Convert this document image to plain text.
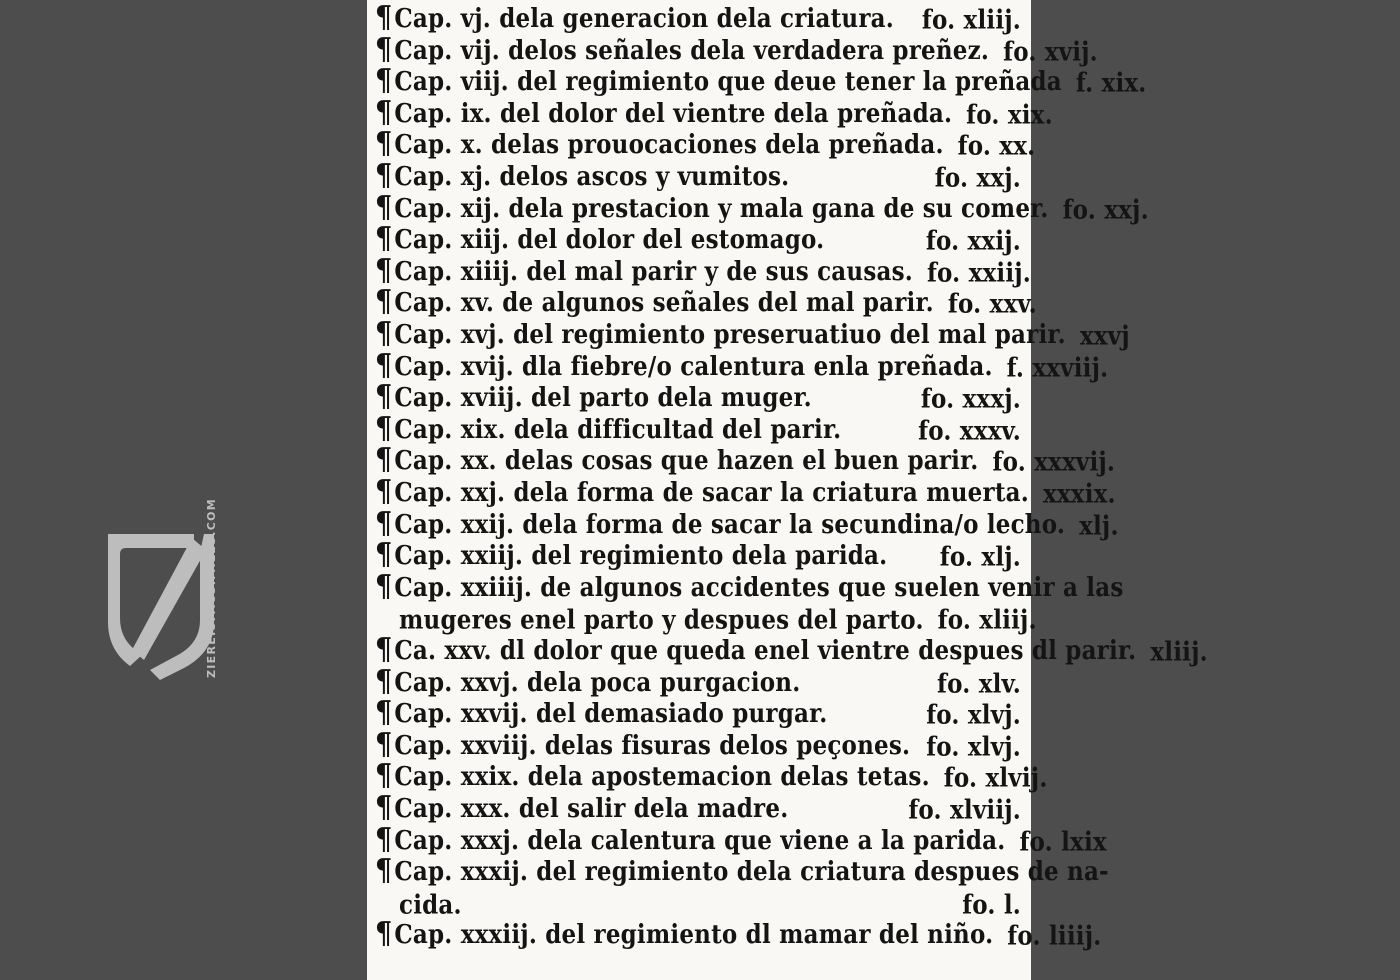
ZIEREISFACSIMILES.COM
¶Cap. vj. dela generacion dela criatura.	fo. xliij.
¶Cap. vij. delos señales dela verdadera preñez. fo. xvij.
¶Cap. viij. del regimiento que deue tener la preñada f. xix.
¶Cap. ix. del dolor del vientre dela preñada. fo. xix.
¶Cap. x. delas prouocaciones dela preñada. fo. xx.
¶Cap. xj. delos ascos y vumitos.	fo. xxj.
¶Cap. xij. dela prestacion y mala gana de su comer. fo. xxj.
¶Cap. xiij. del dolor del estomago.	fo. xxij.
¶Cap. xiiij. del mal parir y de sus causas. fo. xxiij.
¶Cap. xv. de algunos señales del mal parir. fo. xxv.
¶Cap. xvj. del regimiento preseruatiuo del mal parir. xxvj
¶Cap. xvij. dla fiebre/o calentura enla preñada. f. xxviij.
¶Cap. xviij. del parto dela muger.	fo. xxxj.
¶Cap. xix. dela difficultad del parir.	fo. xxxv.
¶Cap. xx. delas cosas que hazen el buen parir. fo. xxxvij.
¶Cap. xxj. dela forma de sacar la criatura muerta. xxxix.
¶Cap. xxij. dela forma de sacar la secundina/o lecho. xlj.
¶Cap. xxiij. del regimiento dela parida.	fo. xlj.
¶Cap. xxiiij. de algunos accidentes que suelen venir a las
mugeres enel parto y despues del parto. fo. xliij.
¶Ca. xxv. dl dolor que queda enel vientre despues dl parir. xliij.
¶Cap. xxvj. dela poca purgacion.	fo. xlv.
¶Cap. xxvij. del demasiado purgar.	fo. xlvj.
¶Cap. xxviij. delas fisuras delos peçones. fo. xlvj.
¶Cap. xxix. dela apostemacion delas tetas. fo. xlvij.
¶Cap. xxx. del salir dela madre.	fo. xlviij.
¶Cap. xxxj. dela calentura que viene a la parida. fo. lxix
¶Cap. xxxij. del regimiento dela criatura despues de na-
cida.	fo. l.
¶Cap. xxxiij. del regimiento dl mamar del niño. fo. liiij.
